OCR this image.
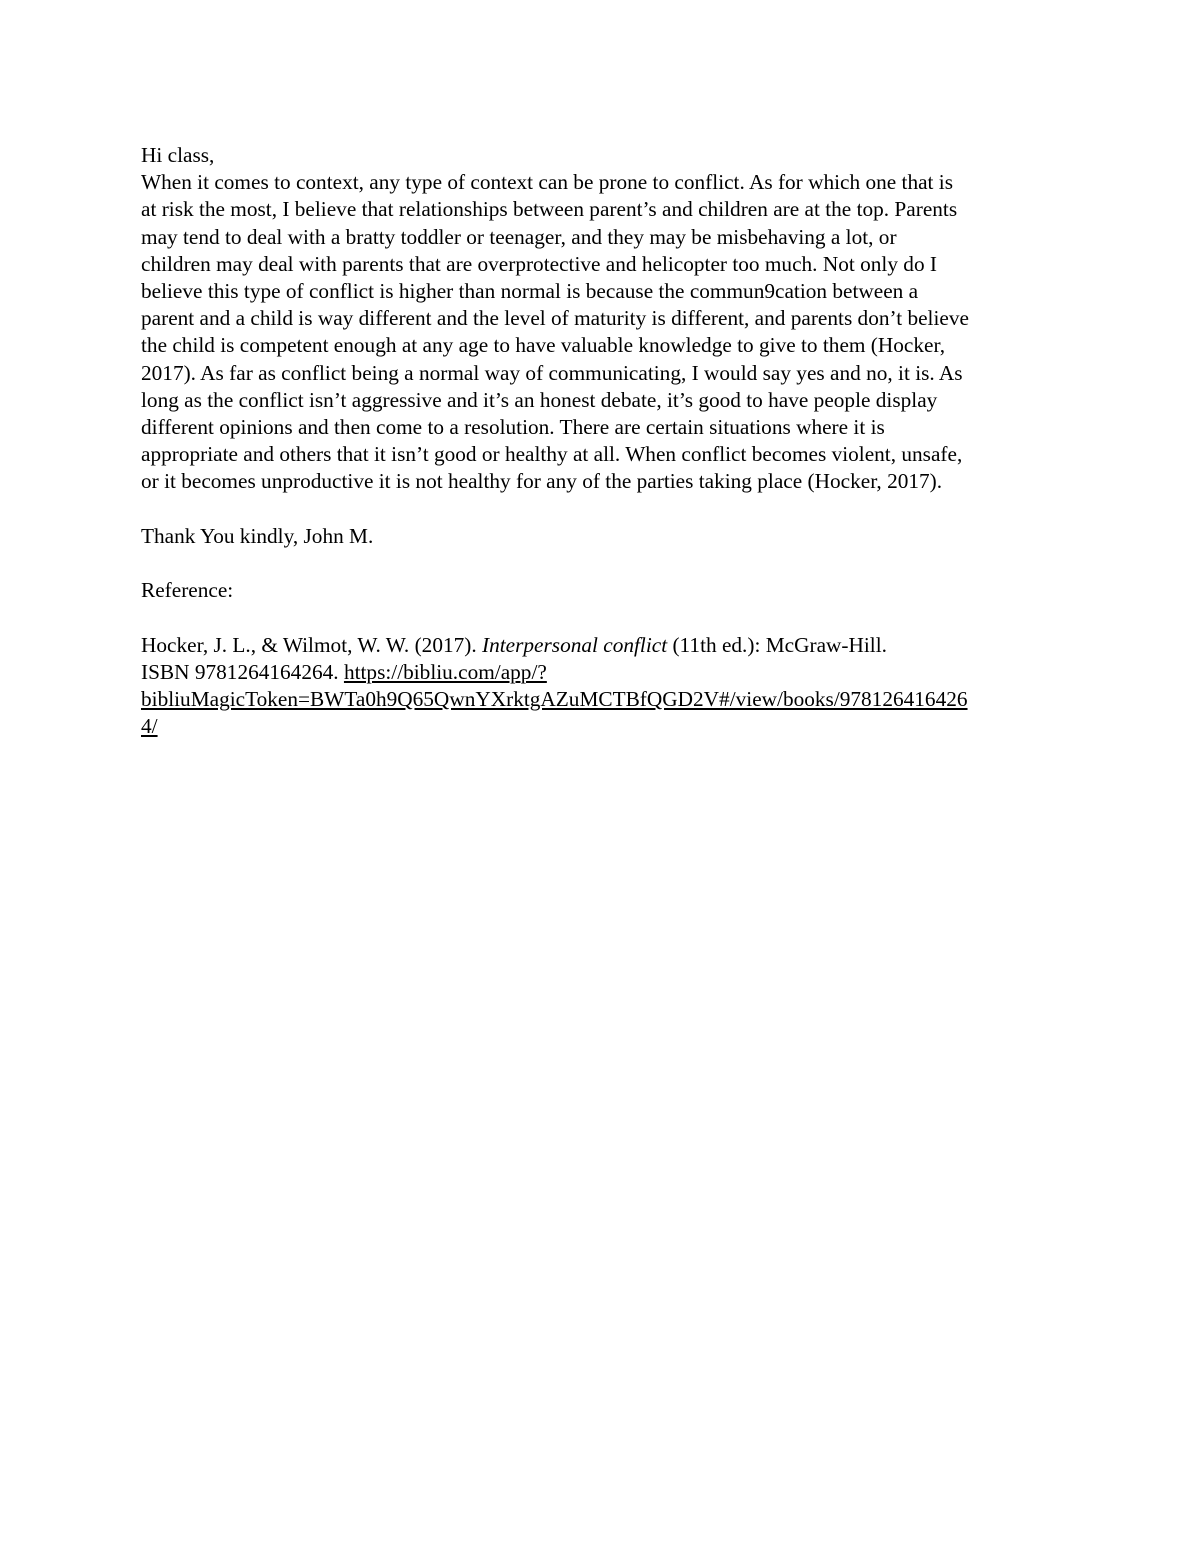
Hi class,
When it comes to context, any type of context can be prone to conflict. As for which one that is
at risk the most, I believe that relationships between parent’s and children are at the top. Parents
may tend to deal with a bratty toddler or teenager, and they may be misbehaving a lot, or
children may deal with parents that are overprotective and helicopter too much. Not only do I
believe this type of conflict is higher than normal is because the commun9cation between a
parent and a child is way different and the level of maturity is different, and parents don’t believe
the child is competent enough at any age to have valuable knowledge to give to them (Hocker,
2017). As far as conflict being a normal way of communicating, I would say yes and no, it is. As
long as the conflict isn’t aggressive and it’s an honest debate, it’s good to have people display
different opinions and then come to a resolution. There are certain situations where it is
appropriate and others that it isn’t good or healthy at all. When conflict becomes violent, unsafe,
or it becomes unproductive it is not healthy for any of the parties taking place (Hocker, 2017).
Thank You kindly, John M.
Reference:
Hocker, J. L., & Wilmot, W. W. (2017). Interpersonal conflict (11th ed.): McGraw-Hill.
ISBN 9781264164264. https://bibliu.com/app/?
bibliuMagicToken=BWTa0h9Q65QwnYXrktgAZuMCTBfQGD2V#/view/books/978126416426
4/
